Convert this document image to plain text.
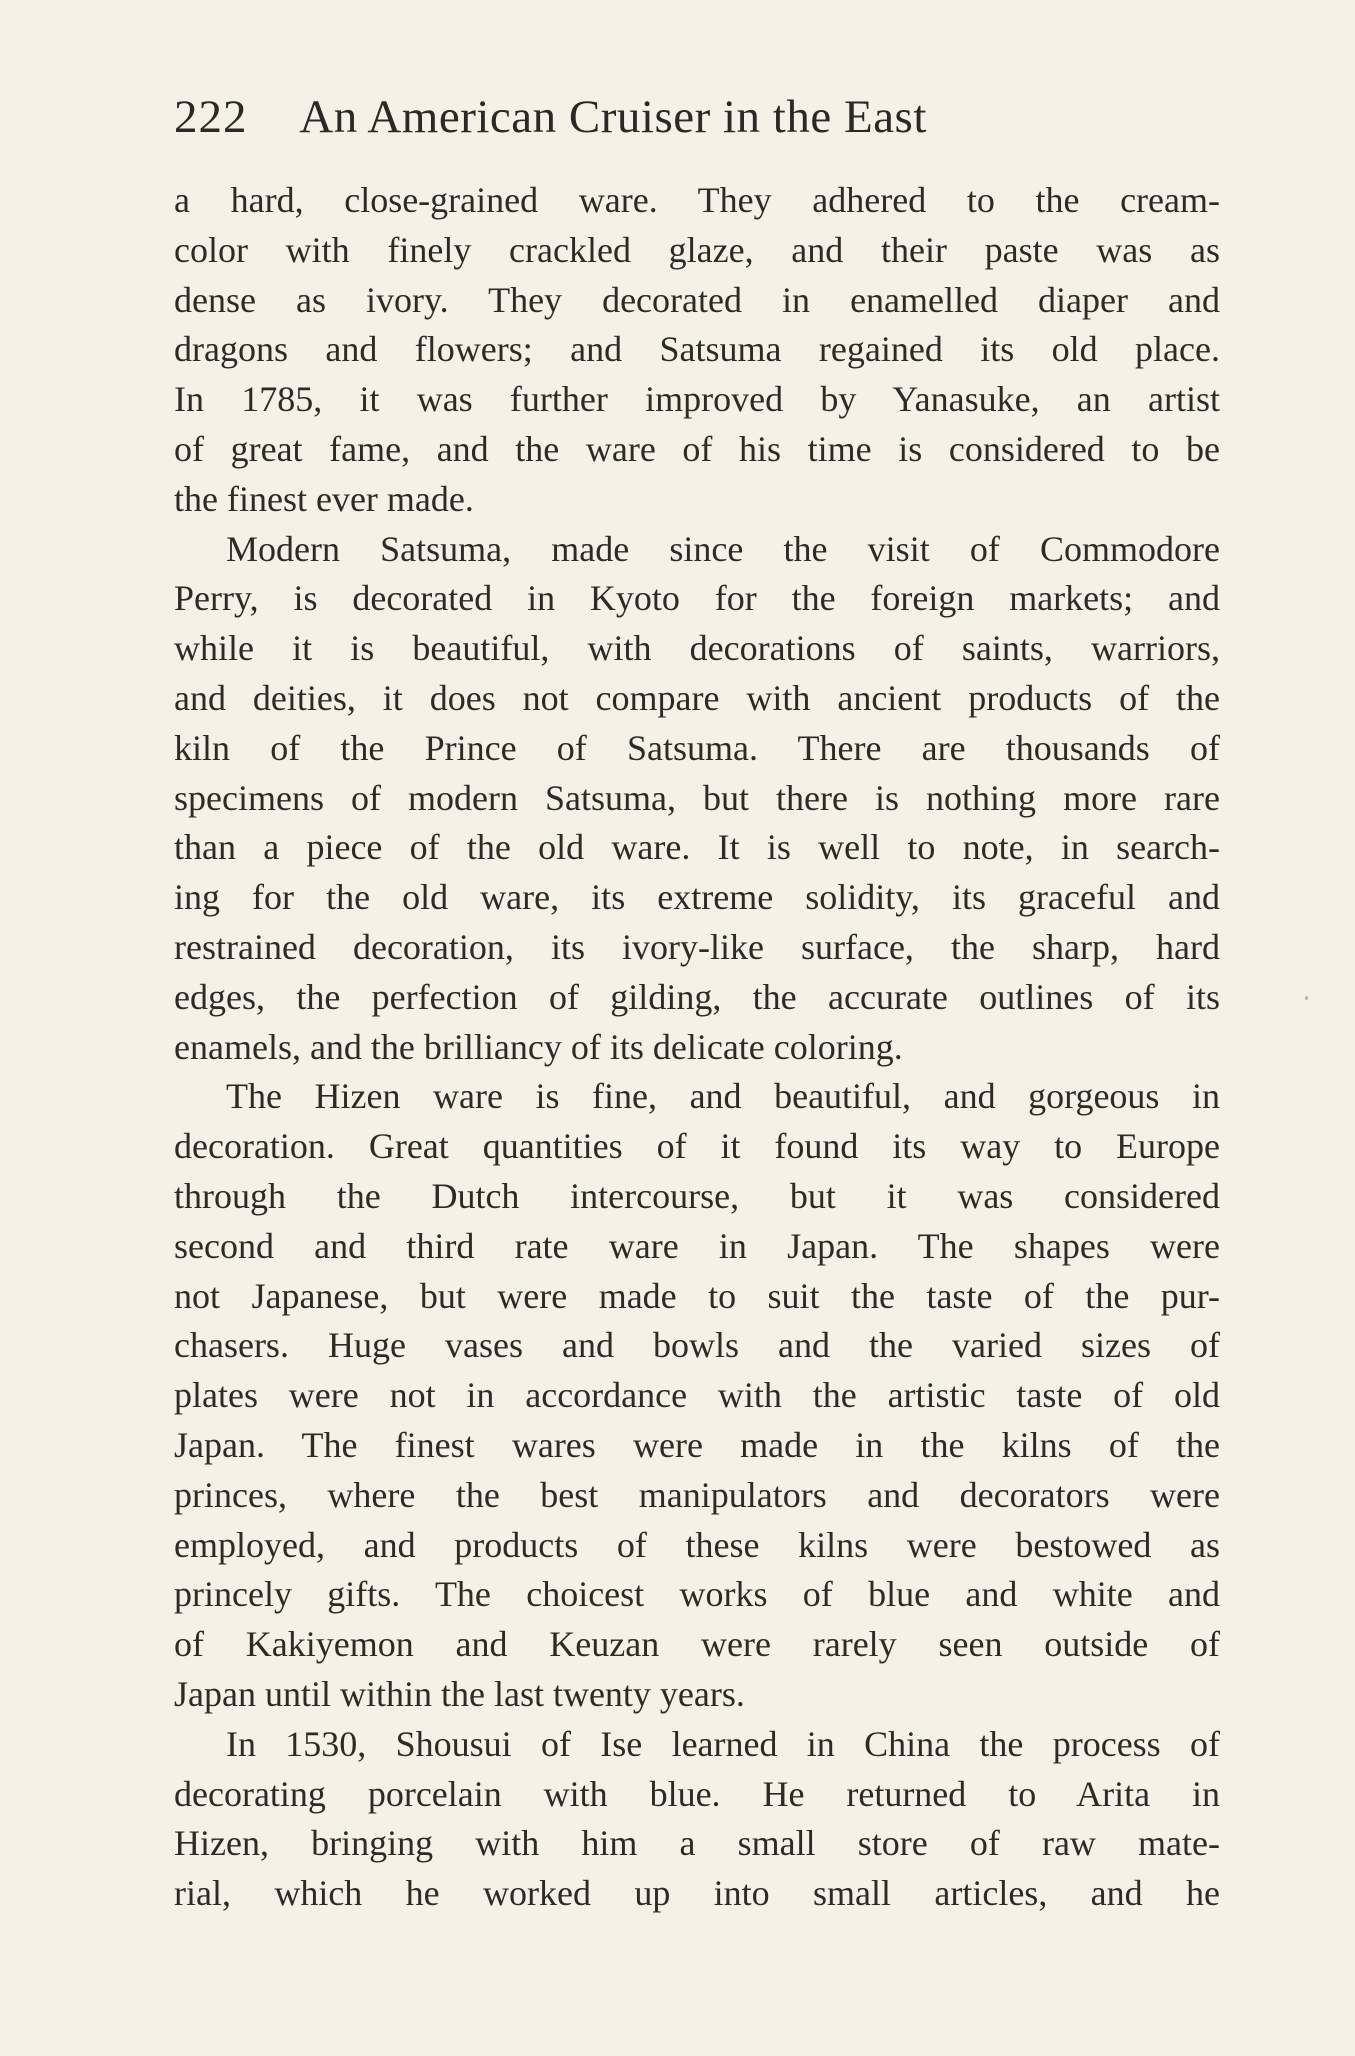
222 An American Cruiser in the East

a hard, close-grained ware. They adhered to the cream-
color with finely crackled glaze, and their paste was as
dense as ivory. They decorated in enamelled diaper and
dragons and flowers; and Satsuma regained its old place.
In 1785, it was further improved by Yanasuke, an artist
of great fame, and the ware of his time is considered to be
the finest ever made.

Modern Satsuma, made since the visit of Commodore
Perry, is decorated in Kyoto for the foreign markets; and
while it is beautiful, with decorations of saints, warriors,
and deities, it does not compare with ancient products of the
kiln of the Prince of Satsuma. There are thousands of
specimens of modern Satsuma, but there is nothing more rare
than a piece of the old ware. It is well to note, in search-
ing for the old ware, its extreme solidity, its graceful and
restrained decoration, its ivory-like surface, the sharp, hard
edges, the perfection of gilding, the accurate outlines of its
enamels, and the brilliancy of its delicate coloring.

The Hizen ware is fine, and beautiful, and gorgeous in
decoration. Great quantities of it found its way to Europe
through the Dutch intercourse, but it was considered
second and third rate ware in Japan. The shapes were
not Japanese, but were made to suit the taste of the pur-
chasers. Huge vases and bowls and the varied sizes of
plates were not in accordance with the artistic taste of old
Japan. The finest wares were made in the kilns of the
princes, where the best manipulators and decorators were
employed, and products of these kilns were bestowed as
princely gifts. The choicest works of blue and white and
of Kakiyemon and Keuzan were rarely seen outside of
Japan until within the last twenty years.

In 1530, Shousui of Ise learned in China the process of
decorating porcelain with blue. He returned to Arita in
Hizen, bringing with him a small store of raw mate-
rial, which he worked up into small articles, and he
